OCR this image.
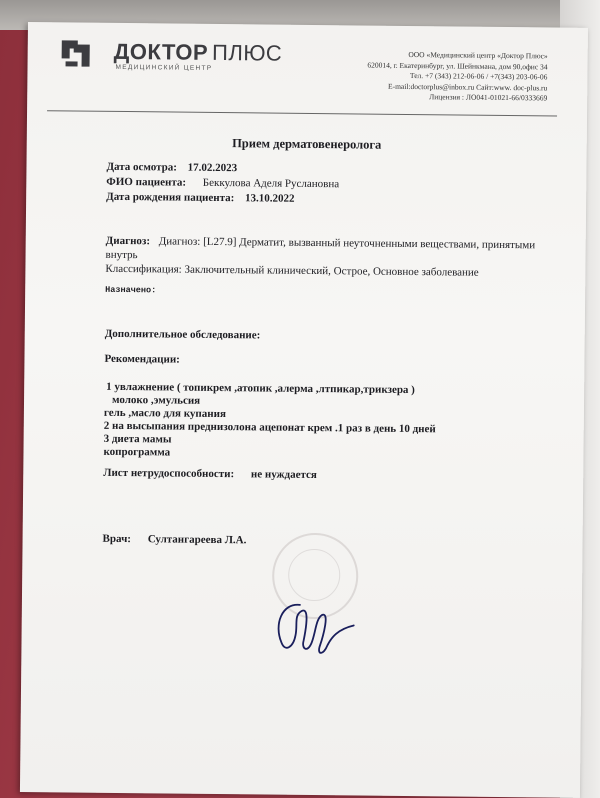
ДОКТОР ПЛЮС
МЕДИЦИНСКИЙ ЦЕНТР
ООО «Медицинский центр «Доктор Плюс»
620014, г. Екатеринбург, ул. Шейнкмана, дом 90,офис 34
Тел. +7 (343) 212-06-06 / +7(343) 203-06-06
E-mail:doctorplus@inbox.ru Сайт:www. doc-plus.ru
Лицензия : ЛО041-01021-66/0333669
Прием дерматовенеролога
Дата осмотра: 17.02.2023
ФИО пациента: Беккулова Аделя Руслановна
Дата рождения пациента: 13.10.2022
Диагноз: Диагноз: [L27.9] Дерматит, вызванный неуточненными веществами, принятыми
внутрь
Классификация: Заключительный клинический, Острое, Основное заболевание
Назначено:
Дополнительное обследование:
Рекомендации:
1 увлажнение ( топикрем ,атопик ,алерма ,лтпикар,трикзера )
молоко ,эмульсия
гель ,масло для купания
2 на высыпания преднизолона ацепонат крем .1 раз в день 10 дней
3 диета мамы
копрограмма
Лист нетрудоспособности: не нуждается
Врач: Султангареева Л.А.
